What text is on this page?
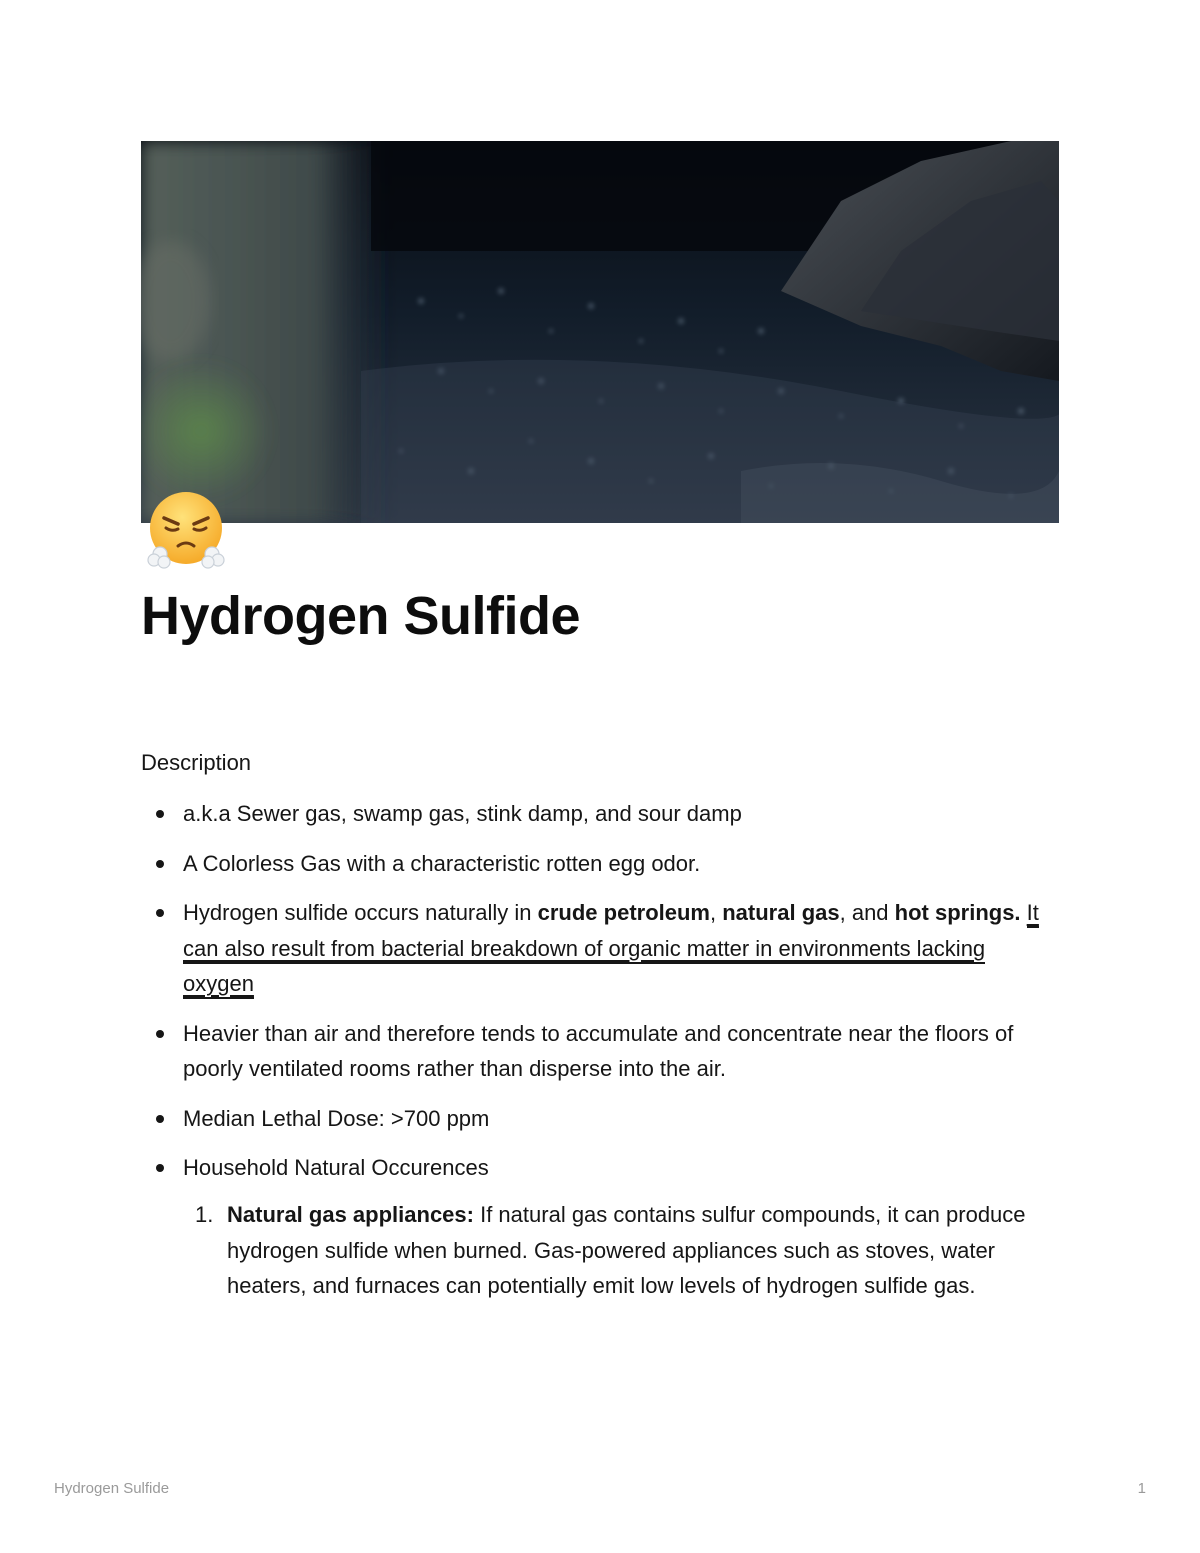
Hydrogen Sulfide
Description
a.k.a Sewer gas, swamp gas, stink damp, and sour damp
A Colorless Gas with a characteristic rotten egg odor.
Hydrogen sulfide occurs naturally in crude petroleum, natural gas, and hot springs. It can also result from bacterial breakdown of organic matter in environments lacking oxygen
Heavier than air and therefore tends to accumulate and concentrate near the floors of poorly ventilated rooms rather than disperse into the air.
Median Lethal Dose: >700 ppm
Household Natural Occurences
1. Natural gas appliances: If natural gas contains sulfur compounds, it can produce hydrogen sulfide when burned. Gas-powered appliances such as stoves, water heaters, and furnaces can potentially emit low levels of hydrogen sulfide gas.
Hydrogen Sulfide	1
